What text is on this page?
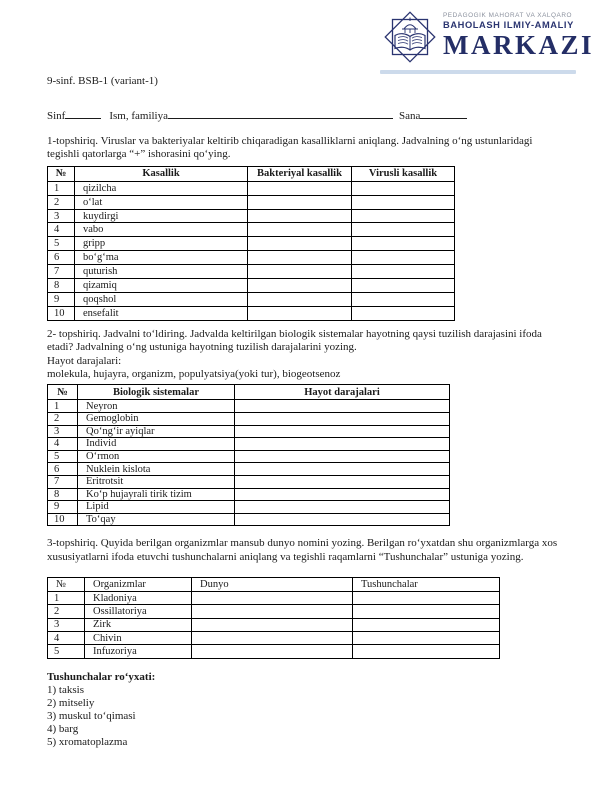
PEDAGOGIK MAHORAT VA XALQARO
BAHOLASH ILMIY-AMALIY
MARKAZI
9-sinf. BSB-1 (variant-1)
Sinf	Ism, familiya	Sana
1-topshiriq. Viruslar va bakteriyalar keltirib chiqaradigan kasalliklarni aniqlang. Jadvalning o‘ng ustunlaridagi
tegishli qatorlarga “+” ishorasini qo‘ying.
№	Kasallik	Bakteriyal kasallik	Virusli kasallik
1	qizilcha		
2	o‘lat		
3	kuydirgi		
4	vabo		
5	gripp		
6	bo‘g‘ma		
7	quturish		
8	qizamiq		
9	qoqshol		
10	ensefalit		
2- topshiriq. Jadvalni to‘ldiring. Jadvalda keltirilgan biologik sistemalar hayotning qaysi tuzilish darajasini ifoda
etadi? Jadvalning o‘ng ustuniga hayotning tuzilish darajalarini yozing.
Hayot darajalari:
molekula, hujayra, organizm, populyatsiya(yoki tur), biogeotsenoz
№	Biologik sistemalar	Hayot darajalari
1	Neyron	
2	Gemoglobin	
3	Qo‘ng‘ir ayiqlar	
4	Individ	
5	O‘rmon	
6	Nuklein kislota	
7	Eritrotsit	
8	Ko‘p hujayrali tirik tizim	
9	Lipid	
10	To‘qay	
3-topshiriq. Quyida berilgan organizmlar mansub dunyo nomini yozing. Berilgan ro‘yxatdan shu organizmlarga xos
xususiyatlarni ifoda etuvchi tushunchalarni aniqlang va tegishli raqamlarni “Tushunchalar” ustuniga yozing.
№	Organizmlar	Dunyo	Tushunchalar
1	Kladoniya		
2	Ossillatoriya		
3	Zirk		
4	Chivin		
5	Infuzoriya		
Tushunchalar ro‘yxati:
1) taksis
2) mitseliy
3) muskul to‘qimasi
4) barg
5) xromatoplazma
